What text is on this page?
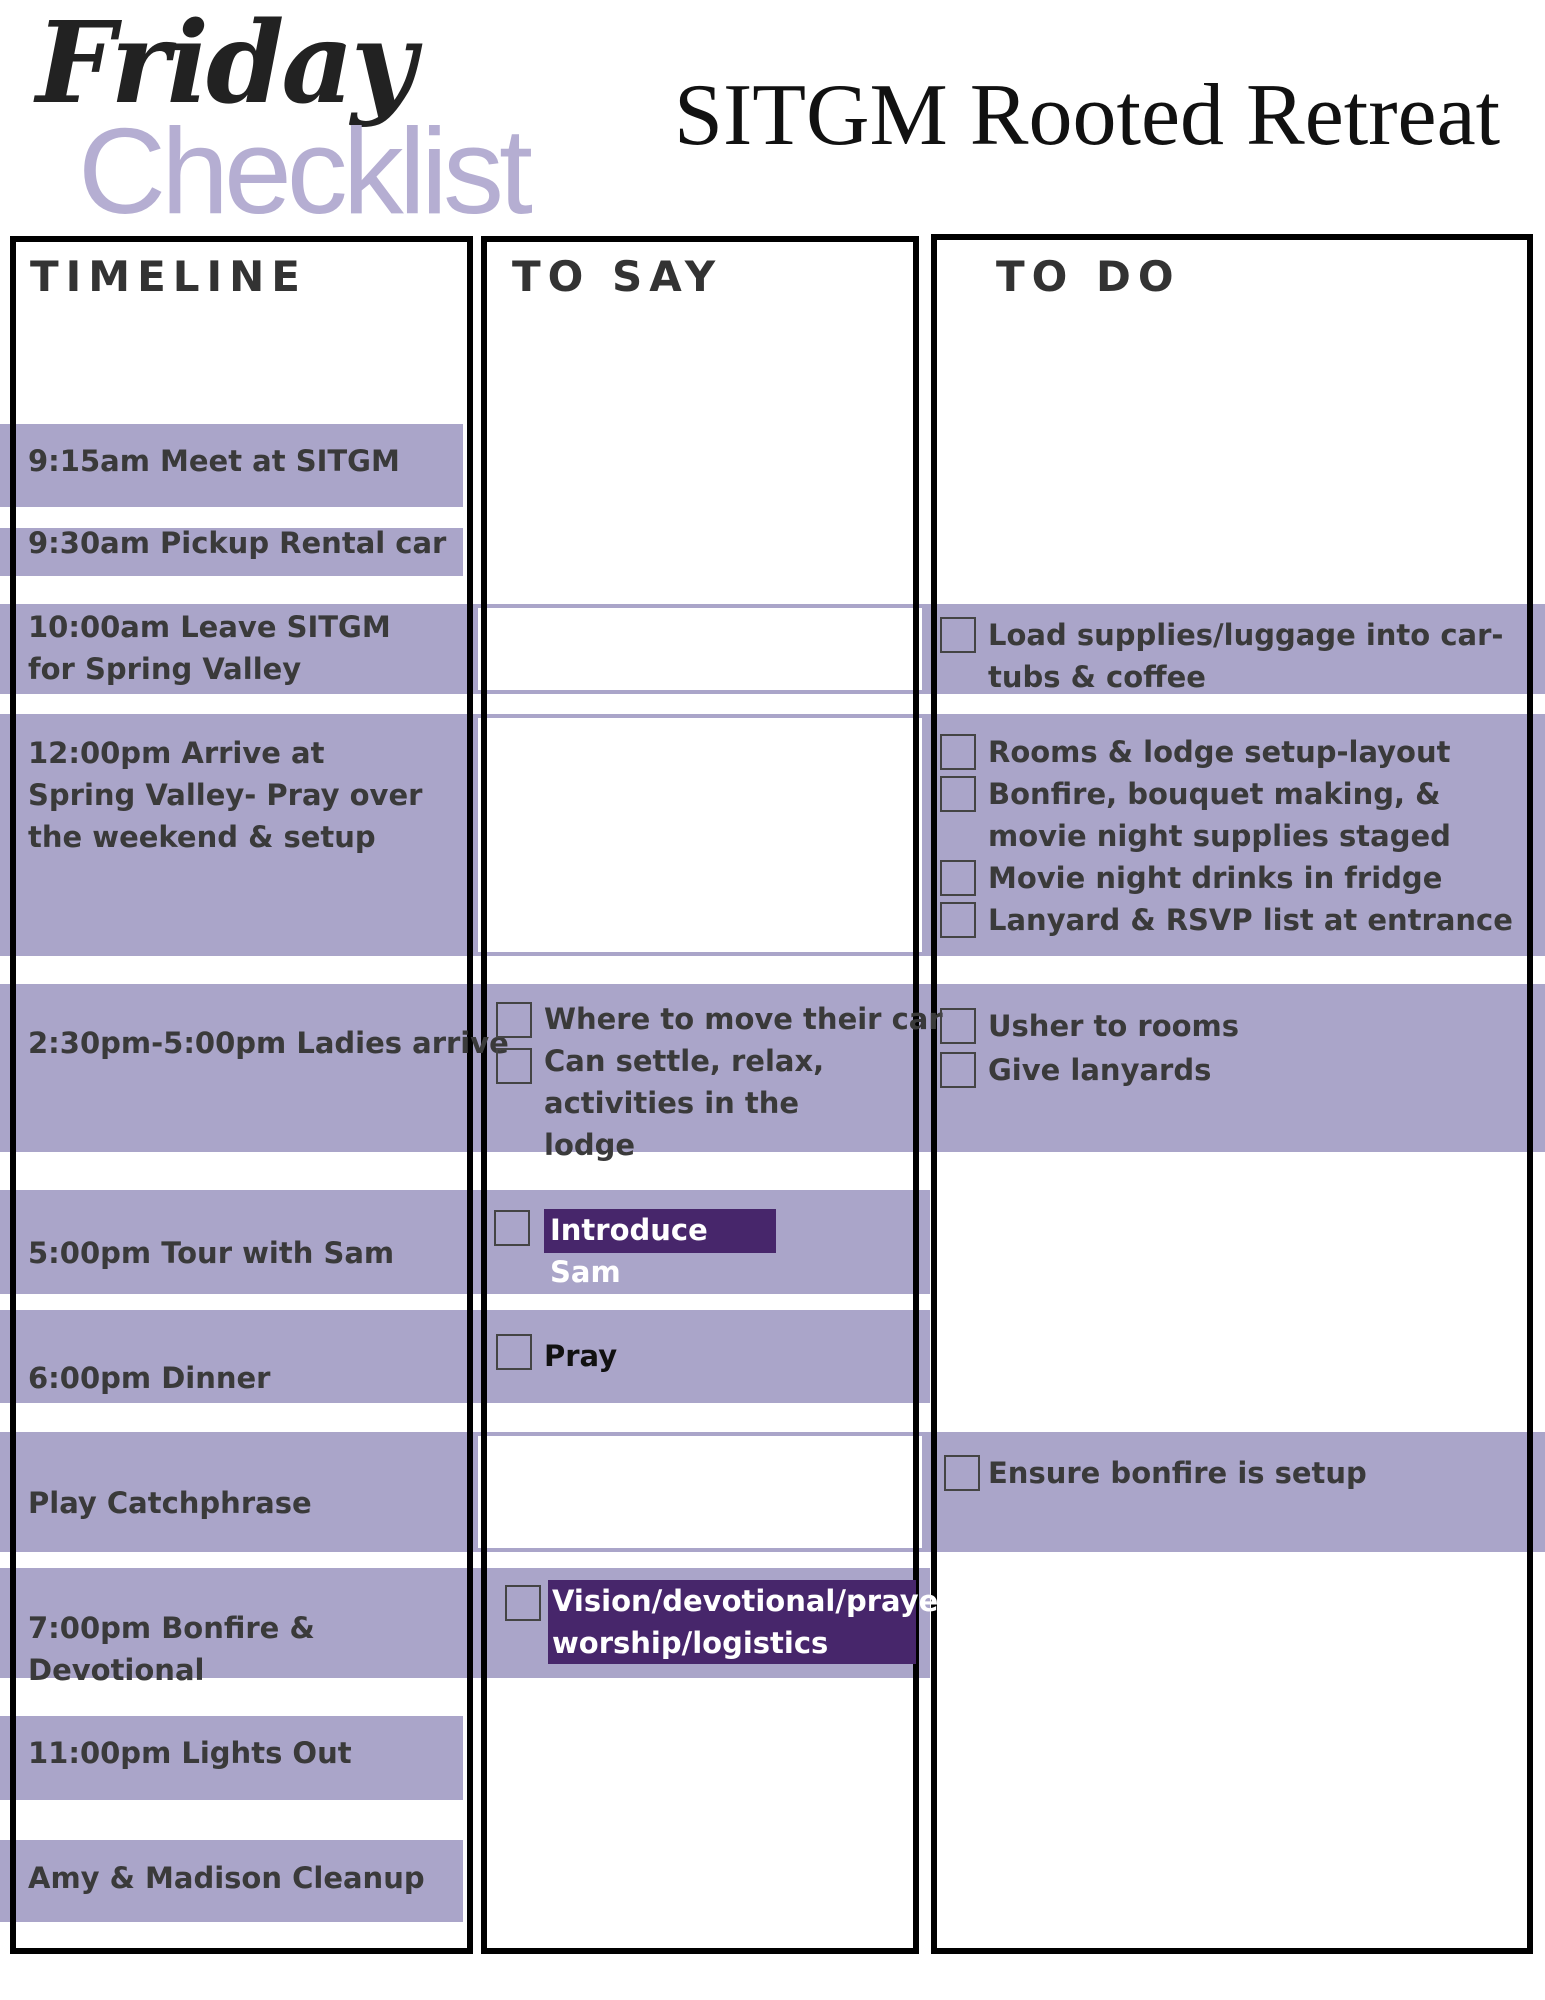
Friday
Checklist SITGM Rooted Retreat
TIMELINE	TO SAY	TO DO
9:15am Meet at SITGM
9:30am Pickup Rental car
10:00am Leave SITGM for Spring Valley
12:00pm Arrive at Spring Valley- Pray over the weekend & setup
2:30pm-5:00pm Ladies arrive
5:00pm Tour with Sam
6:00pm Dinner
Play Catchphrase
7:00pm Bonfire & Devotional
11:00pm Lights Out
Amy & Madison Cleanup
Where to move their car
Can settle, relax, activities in the lodge
Introduce Sam
Pray
Vision/devotional/prayer/ worship/logistics
Load supplies/luggage into car-tubs & coffee
Rooms & lodge setup-layout
Bonfire, bouquet making, & movie night supplies staged
Movie night drinks in fridge
Lanyard & RSVP list at entrance
Usher to rooms
Give lanyards
Ensure bonfire is setup
